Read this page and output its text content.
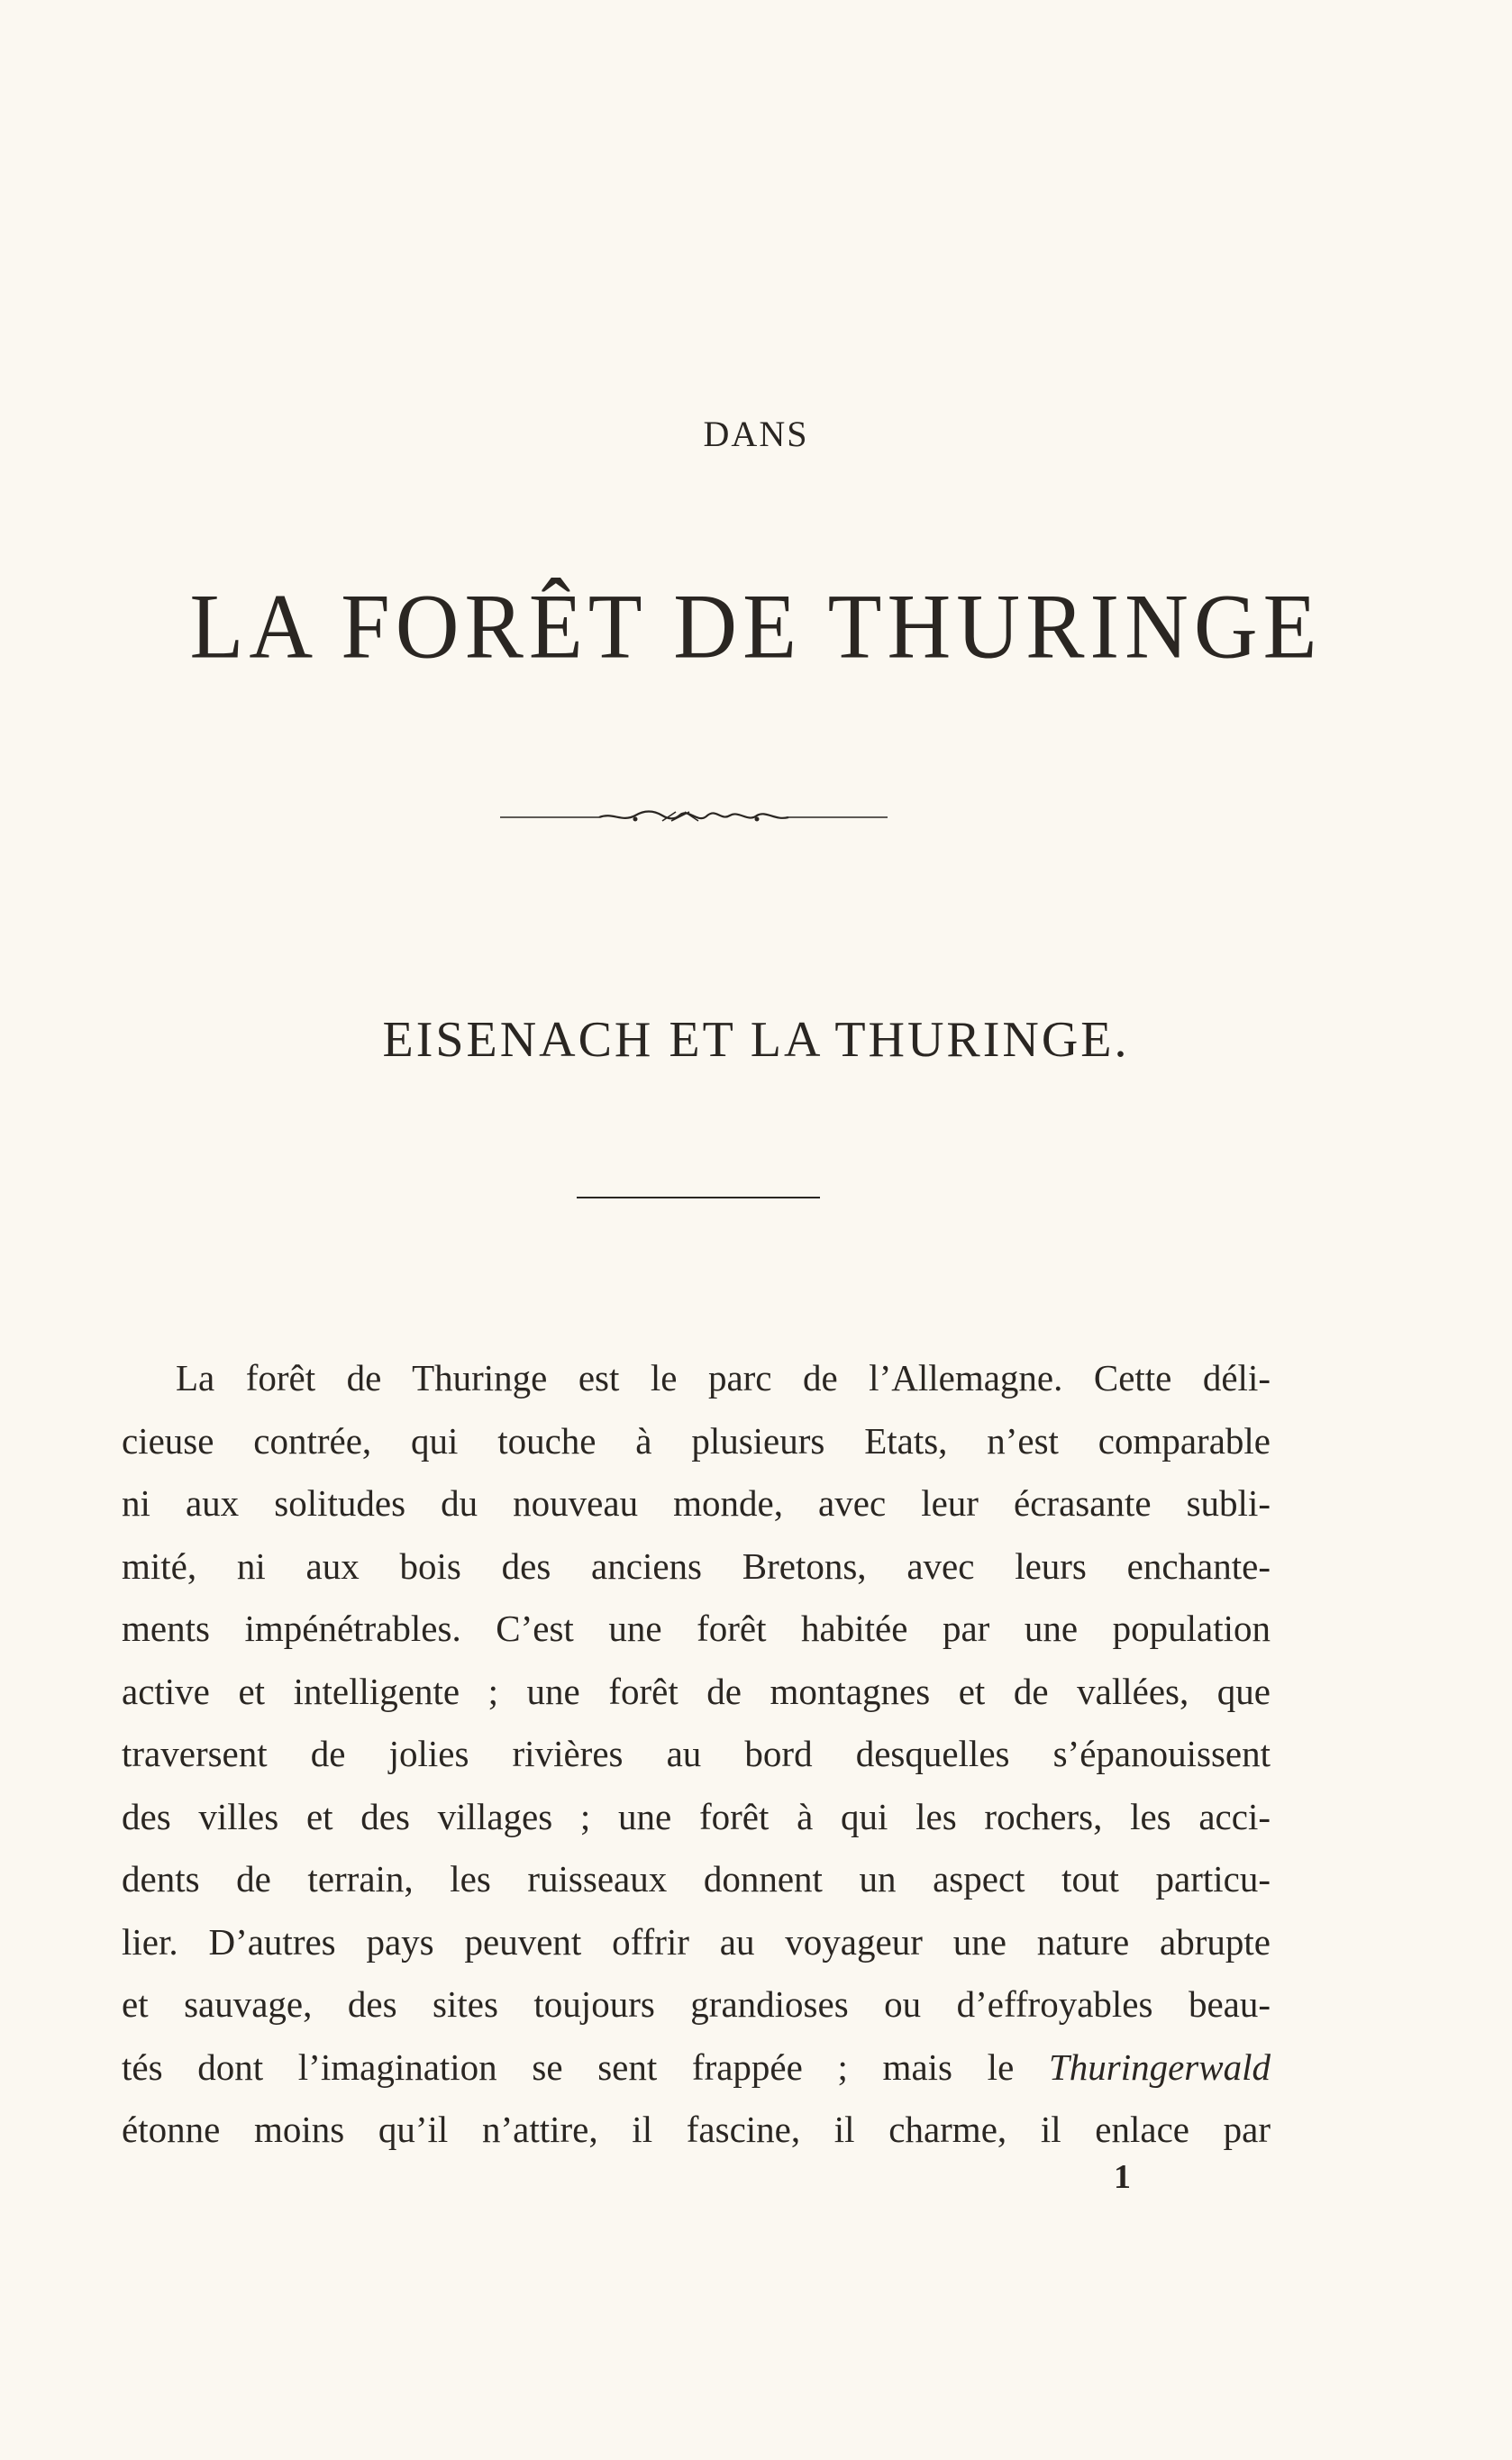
DANS
LA FORÊT DE THURINGE
EISENACH ET LA THURINGE.
La forêt de Thuringe est le parc de l’Allemagne. Cette déli-
cieuse contrée, qui touche à plusieurs Etats, n’est comparable
ni aux solitudes du nouveau monde, avec leur écrasante subli-
mité, ni aux bois des anciens Bretons, avec leurs enchante-
ments impénétrables. C’est une forêt habitée par une population
active et intelligente ; une forêt de montagnes et de vallées, que
traversent de jolies rivières au bord desquelles s’épanouissent
des villes et des villages ; une forêt à qui les rochers, les acci-
dents de terrain, les ruisseaux donnent un aspect tout particu-
lier. D’autres pays peuvent offrir au voyageur une nature abrupte
et sauvage, des sites toujours grandioses ou d’effroyables beau-
tés dont l’imagination se sent frappée ; mais le Thuringerwald
étonne moins qu’il n’attire, il fascine, il charme, il enlace par
1
